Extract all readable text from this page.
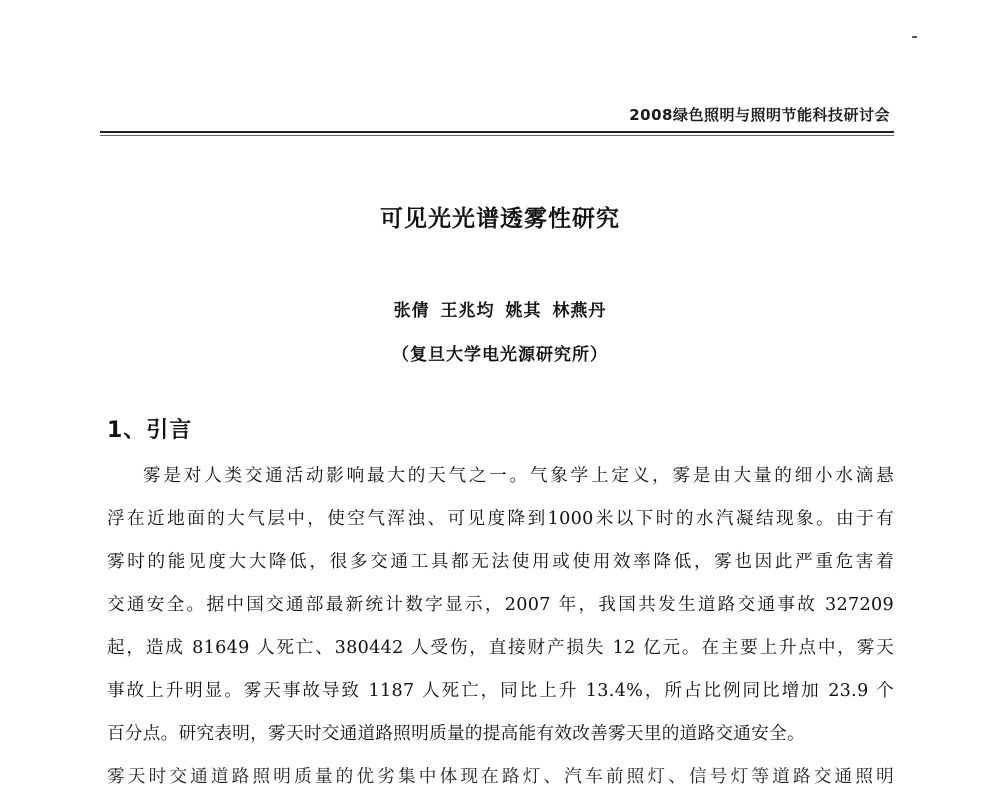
2008绿色照明与照明节能科技研讨会
可见光光谱透雾性研究
张倩 王兆均 姚其 林燕丹
（复旦大学电光源研究所）
1、引言
雾是对人类交通活动影响最大的天气之一。气象学上定义，雾是由大量的细小水滴悬
浮在近地面的大气层中，使空气浑浊、可见度降到1000米以下时的水汽凝结现象。由于有
雾时的能见度大大降低，很多交通工具都无法使用或使用效率降低，雾也因此严重危害着
交通安全。据中国交通部最新统计数字显示，2007 年，我国共发生道路交通事故 327209
起，造成 81649 人死亡、380442 人受伤，直接财产损失 12 亿元。在主要上升点中，雾天
事故上升明显。雾天事故导致 1187 人死亡，同比上升 13.4%，所占比例同比增加 23.9 个
百分点。研究表明，雾天时交通道路照明质量的提高能有效改善雾天里的道路交通安全。
雾天时交通道路照明质量的优劣集中体现在路灯、汽车前照灯、信号灯等道路交通照明
